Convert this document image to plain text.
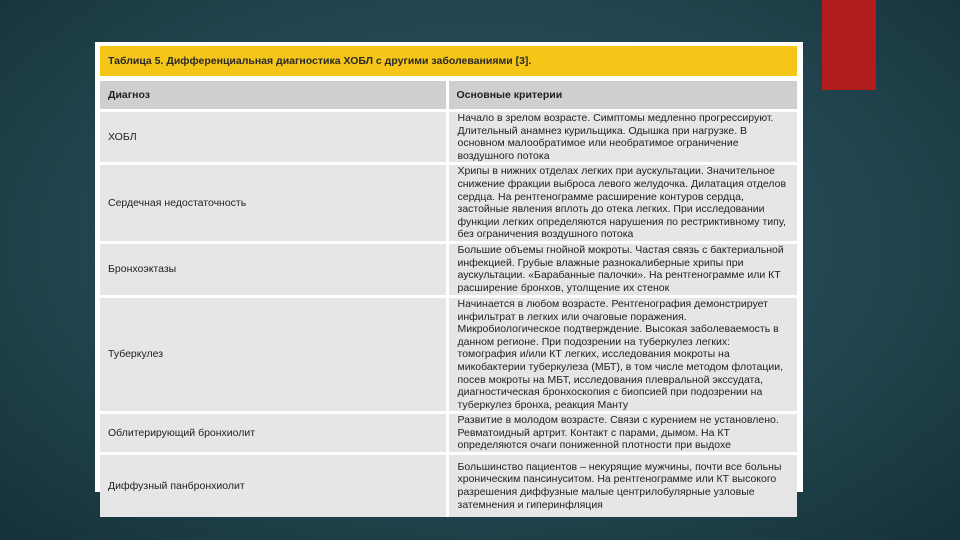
Таблица 5. Дифференциальная диагностика ХОБЛ с другими заболеваниями [3].
Диагноз	Основные критерии
ХОБЛ	Начало в зрелом возрасте. Симптомы медленно прогрессируют. Длительный анамнез курильщика. Одышка при нагрузке. В основном малообратимое или необратимое ограничение воздушного потока
Сердечная недостаточность	Хрипы в нижних отделах легких при аускультации. Значительное снижение фракции выброса левого желудочка. Дилатация отделов сердца. На рентгенограмме расширение контуров сердца, застойные явления вплоть до отека легких. При исследовании функции легких определяются нарушения по рестриктивному типу, без ограничения воздушного потока
Бронхоэктазы	Большие объемы гнойной мокроты. Частая связь с бактериальной инфекцией. Грубые влажные разнокалиберные хрипы при аускультации. «Барабанные палочки». На рентгенограмме или КТ расширение бронхов, утолщение их стенок
Туберкулез	Начинается в любом возрасте. Рентгенография демонстрирует инфильтрат в легких или очаговые поражения. Микробиологическое подтверждение. Высокая заболеваемость в данном регионе. При подозрении на туберкулез легких: томография и/или КТ легких, исследования мокроты на микобактерии туберкулеза (МБТ), в том числе методом флотации, посев мокроты на МБТ, исследования плевральной экссудата, диагностическая бронхоскопия с биопсией при подозрении на туберкулез бронха, реакция Манту
Облитерирующий бронхиолит	Развитие в молодом возрасте. Связи с курением не установлено. Ревматоидный артрит. Контакт с парами, дымом. На КТ определяются очаги пониженной плотности при выдохе
Диффузный панбронхиолит	Большинство пациентов – некурящие мужчины, почти все больны хроническим пансинуситом. На рентгенограмме или КТ высокого разрешения диффузные малые центрилобулярные узловые затемнения и гиперинфляция
